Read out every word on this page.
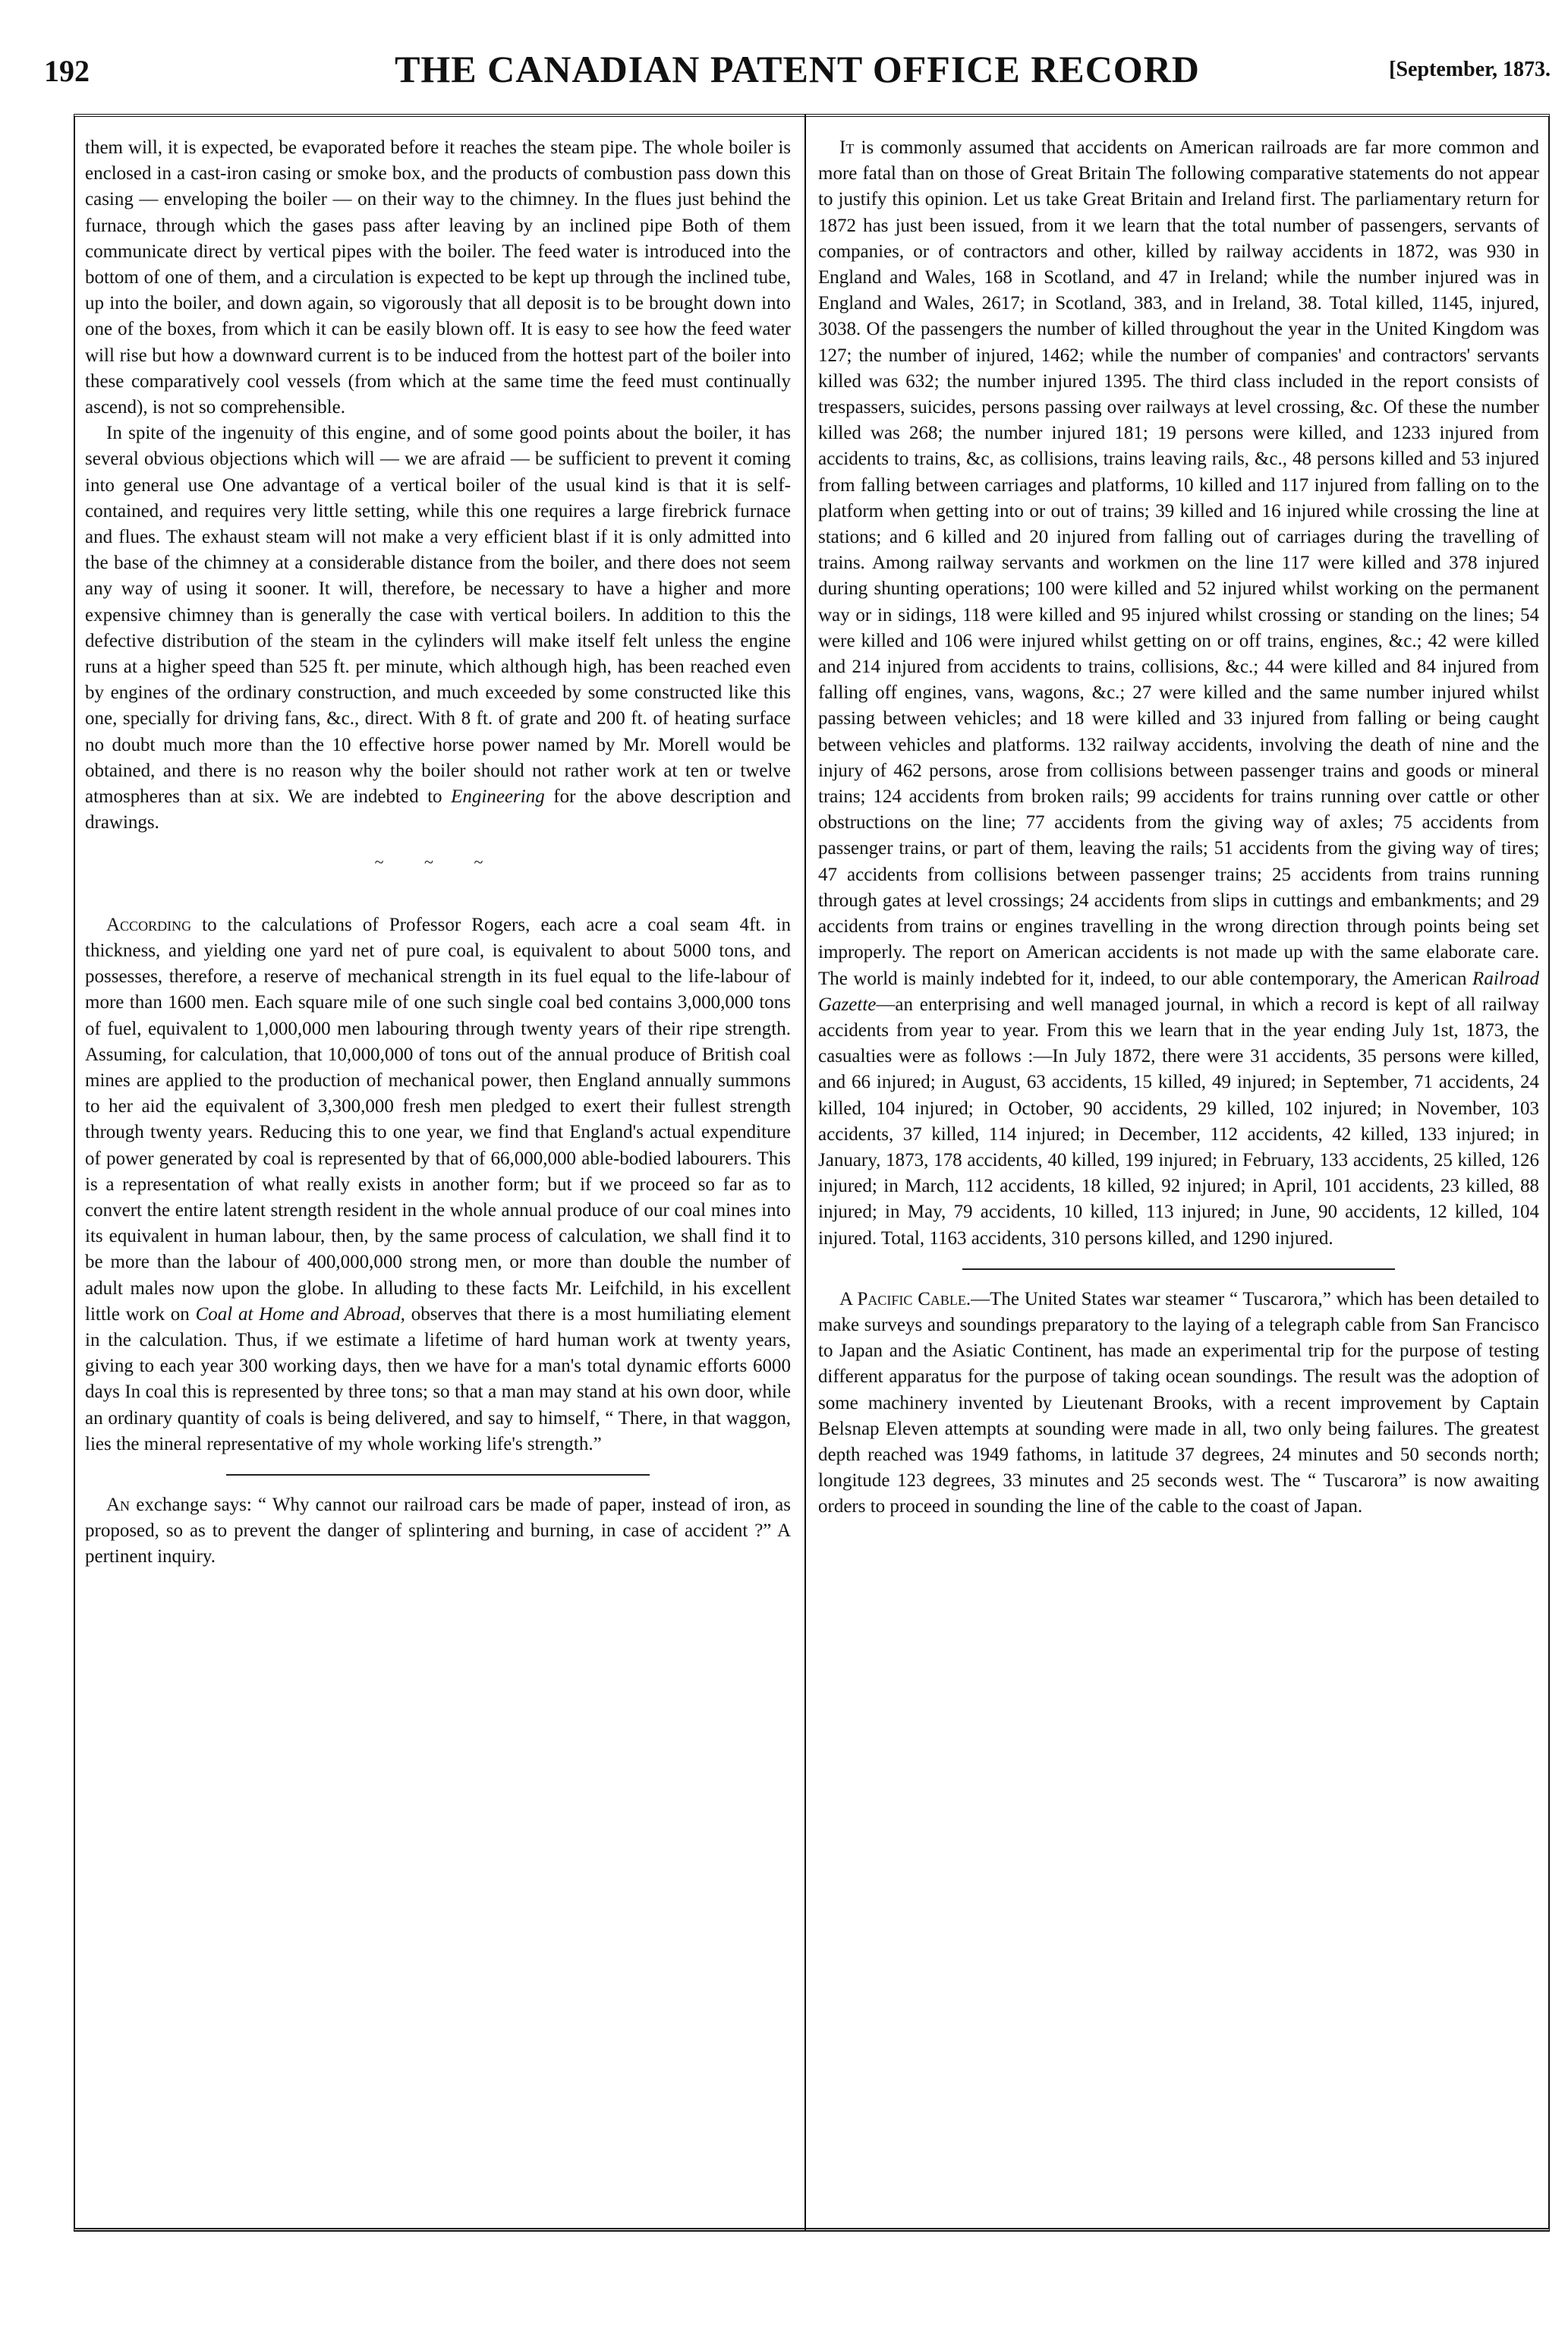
192	THE CANADIAN PATENT OFFICE RECORD	[September, 1873.

them will, it is expected, be evaporated before it reaches the steam pipe. The whole boiler is enclosed in a cast-iron casing or smoke box, and the products of combustion pass down this casing — enveloping the boiler — on their way to the chimney. In the flues just behind the furnace, through which the gases pass after leaving by an inclined pipe Both of them communicate direct by vertical pipes with the boiler. The feed water is introduced into the bottom of one of them, and a circulation is expected to be kept up through the inclined tube, up into the boiler, and down again, so vigorously that all deposit is to be brought down into one of the boxes, from which it can be easily blown off. It is easy to see how the feed water will rise but how a downward current is to be induced from the hottest part of the boiler into these comparatively cool vessels (from which at the same time the feed must continually ascend), is not so comprehensible.

In spite of the ingenuity of this engine, and of some good points about the boiler, it has several obvious objections which will — we are afraid — be sufficient to prevent it coming into general use One advantage of a vertical boiler of the usual kind is that it is self-contained, and requires very little setting, while this one requires a large firebrick furnace and flues. The exhaust steam will not make a very efficient blast if it is only admitted into the base of the chimney at a considerable distance from the boiler, and there does not seem any way of using it sooner. It will, therefore, be necessary to have a higher and more expensive chimney than is generally the case with vertical boilers. In addition to this the defective distribution of the steam in the cylinders will make itself felt unless the engine runs at a higher speed than 525 ft. per minute, which although high, has been reached even by engines of the ordinary construction, and much exceeded by some constructed like this one, specially for driving fans, &c., direct. With 8 ft. of grate and 200 ft. of heating surface no doubt much more than the 10 effective horse power named by Mr. Morell would be obtained, and there is no reason why the boiler should not rather work at ten or twelve atmospheres than at six. We are indebted to Engineering for the above description and drawings.

~ ~ ~

According to the calculations of Professor Rogers, each acre a coal seam 4ft. in thickness, and yielding one yard net of pure coal, is equivalent to about 5000 tons, and possesses, therefore, a reserve of mechanical strength in its fuel equal to the life-labour of more than 1600 men. Each square mile of one such single coal bed contains 3,000,000 tons of fuel, equivalent to 1,000,000 men labouring through twenty years of their ripe strength. Assuming, for calculation, that 10,000,000 of tons out of the annual produce of British coal mines are applied to the production of mechanical power, then England annually summons to her aid the equivalent of 3,300,000 fresh men pledged to exert their fullest strength through twenty years. Reducing this to one year, we find that England's actual expenditure of power generated by coal is represented by that of 66,000,000 able-bodied labourers. This is a representation of what really exists in another form; but if we proceed so far as to convert the entire latent strength resident in the whole annual produce of our coal mines into its equivalent in human labour, then, by the same process of calculation, we shall find it to be more than the labour of 400,000,000 strong men, or more than double the number of adult males now upon the globe. In alluding to these facts Mr. Leifchild, in his excellent little work on Coal at Home and Abroad, observes that there is a most humiliating element in the calculation. Thus, if we estimate a lifetime of hard human work at twenty years, giving to each year 300 working days, then we have for a man's total dynamic efforts 6000 days In coal this is represented by three tons; so that a man may stand at his own door, while an ordinary quantity of coals is being delivered, and say to himself, “ There, in that waggon, lies the mineral representative of my whole working life's strength.”

An exchange says: “ Why cannot our railroad cars be made of paper, instead of iron, as proposed, so as to prevent the danger of splintering and burning, in case of accident ?” A pertinent inquiry.

It is commonly assumed that accidents on American railroads are far more common and more fatal than on those of Great Britain The following comparative statements do not appear to justify this opinion. Let us take Great Britain and Ireland first. The parliamentary return for 1872 has just been issued, from it we learn that the total number of passengers, servants of companies, or of contractors and other, killed by railway accidents in 1872, was 930 in England and Wales, 168 in Scotland, and 47 in Ireland; while the number injured was in England and Wales, 2617; in Scotland, 383, and in Ireland, 38. Total killed, 1145, injured, 3038. Of the passengers the number of killed throughout the year in the United Kingdom was 127; the number of injured, 1462; while the number of companies' and contractors' servants killed was 632; the number injured 1395. The third class included in the report consists of trespassers, suicides, persons passing over railways at level crossing, &c. Of these the number killed was 268; the number injured 181; 19 persons were killed, and 1233 injured from accidents to trains, &c, as collisions, trains leaving rails, &c., 48 persons killed and 53 injured from falling between carriages and platforms, 10 killed and 117 injured from falling on to the platform when getting into or out of trains; 39 killed and 16 injured while crossing the line at stations; and 6 killed and 20 injured from falling out of carriages during the travelling of trains. Among railway servants and workmen on the line 117 were killed and 378 injured during shunting operations; 100 were killed and 52 injured whilst working on the permanent way or in sidings, 118 were killed and 95 injured whilst crossing or standing on the lines; 54 were killed and 106 were injured whilst getting on or off trains, engines, &c.; 42 were killed and 214 injured from accidents to trains, collisions, &c.; 44 were killed and 84 injured from falling off engines, vans, wagons, &c.; 27 were killed and the same number injured whilst passing between vehicles; and 18 were killed and 33 injured from falling or being caught between vehicles and platforms. 132 railway accidents, involving the death of nine and the injury of 462 persons, arose from collisions between passenger trains and goods or mineral trains; 124 accidents from broken rails; 99 accidents for trains running over cattle or other obstructions on the line; 77 accidents from the giving way of axles; 75 accidents from passenger trains, or part of them, leaving the rails; 51 accidents from the giving way of tires; 47 accidents from collisions between passenger trains; 25 accidents from trains running through gates at level crossings; 24 accidents from slips in cuttings and embankments; and 29 accidents from trains or engines travelling in the wrong direction through points being set improperly. The report on American accidents is not made up with the same elaborate care. The world is mainly indebted for it, indeed, to our able contemporary, the American Railroad Gazette—an enterprising and well managed journal, in which a record is kept of all railway accidents from year to year. From this we learn that in the year ending July 1st, 1873, the casualties were as follows :—In July 1872, there were 31 accidents, 35 persons were killed, and 66 injured; in August, 63 accidents, 15 killed, 49 injured; in September, 71 accidents, 24 killed, 104 injured; in October, 90 accidents, 29 killed, 102 injured; in November, 103 accidents, 37 killed, 114 injured; in December, 112 accidents, 42 killed, 133 injured; in January, 1873, 178 accidents, 40 killed, 199 injured; in February, 133 accidents, 25 killed, 126 injured; in March, 112 accidents, 18 killed, 92 injured; in April, 101 accidents, 23 killed, 88 injured; in May, 79 accidents, 10 killed, 113 injured; in June, 90 accidents, 12 killed, 104 injured. Total, 1163 accidents, 310 persons killed, and 1290 injured.

A Pacific Cable.—The United States war steamer “ Tuscarora,” which has been detailed to make surveys and soundings preparatory to the laying of a telegraph cable from San Francisco to Japan and the Asiatic Continent, has made an experimental trip for the purpose of testing different apparatus for the purpose of taking ocean soundings. The result was the adoption of some machinery invented by Lieutenant Brooks, with a recent improvement by Captain Belsnap Eleven attempts at sounding were made in all, two only being failures. The greatest depth reached was 1949 fathoms, in latitude 37 degrees, 24 minutes and 50 seconds north; longitude 123 degrees, 33 minutes and 25 seconds west. The “ Tuscarora” is now awaiting orders to proceed in sounding the line of the cable to the coast of Japan.
